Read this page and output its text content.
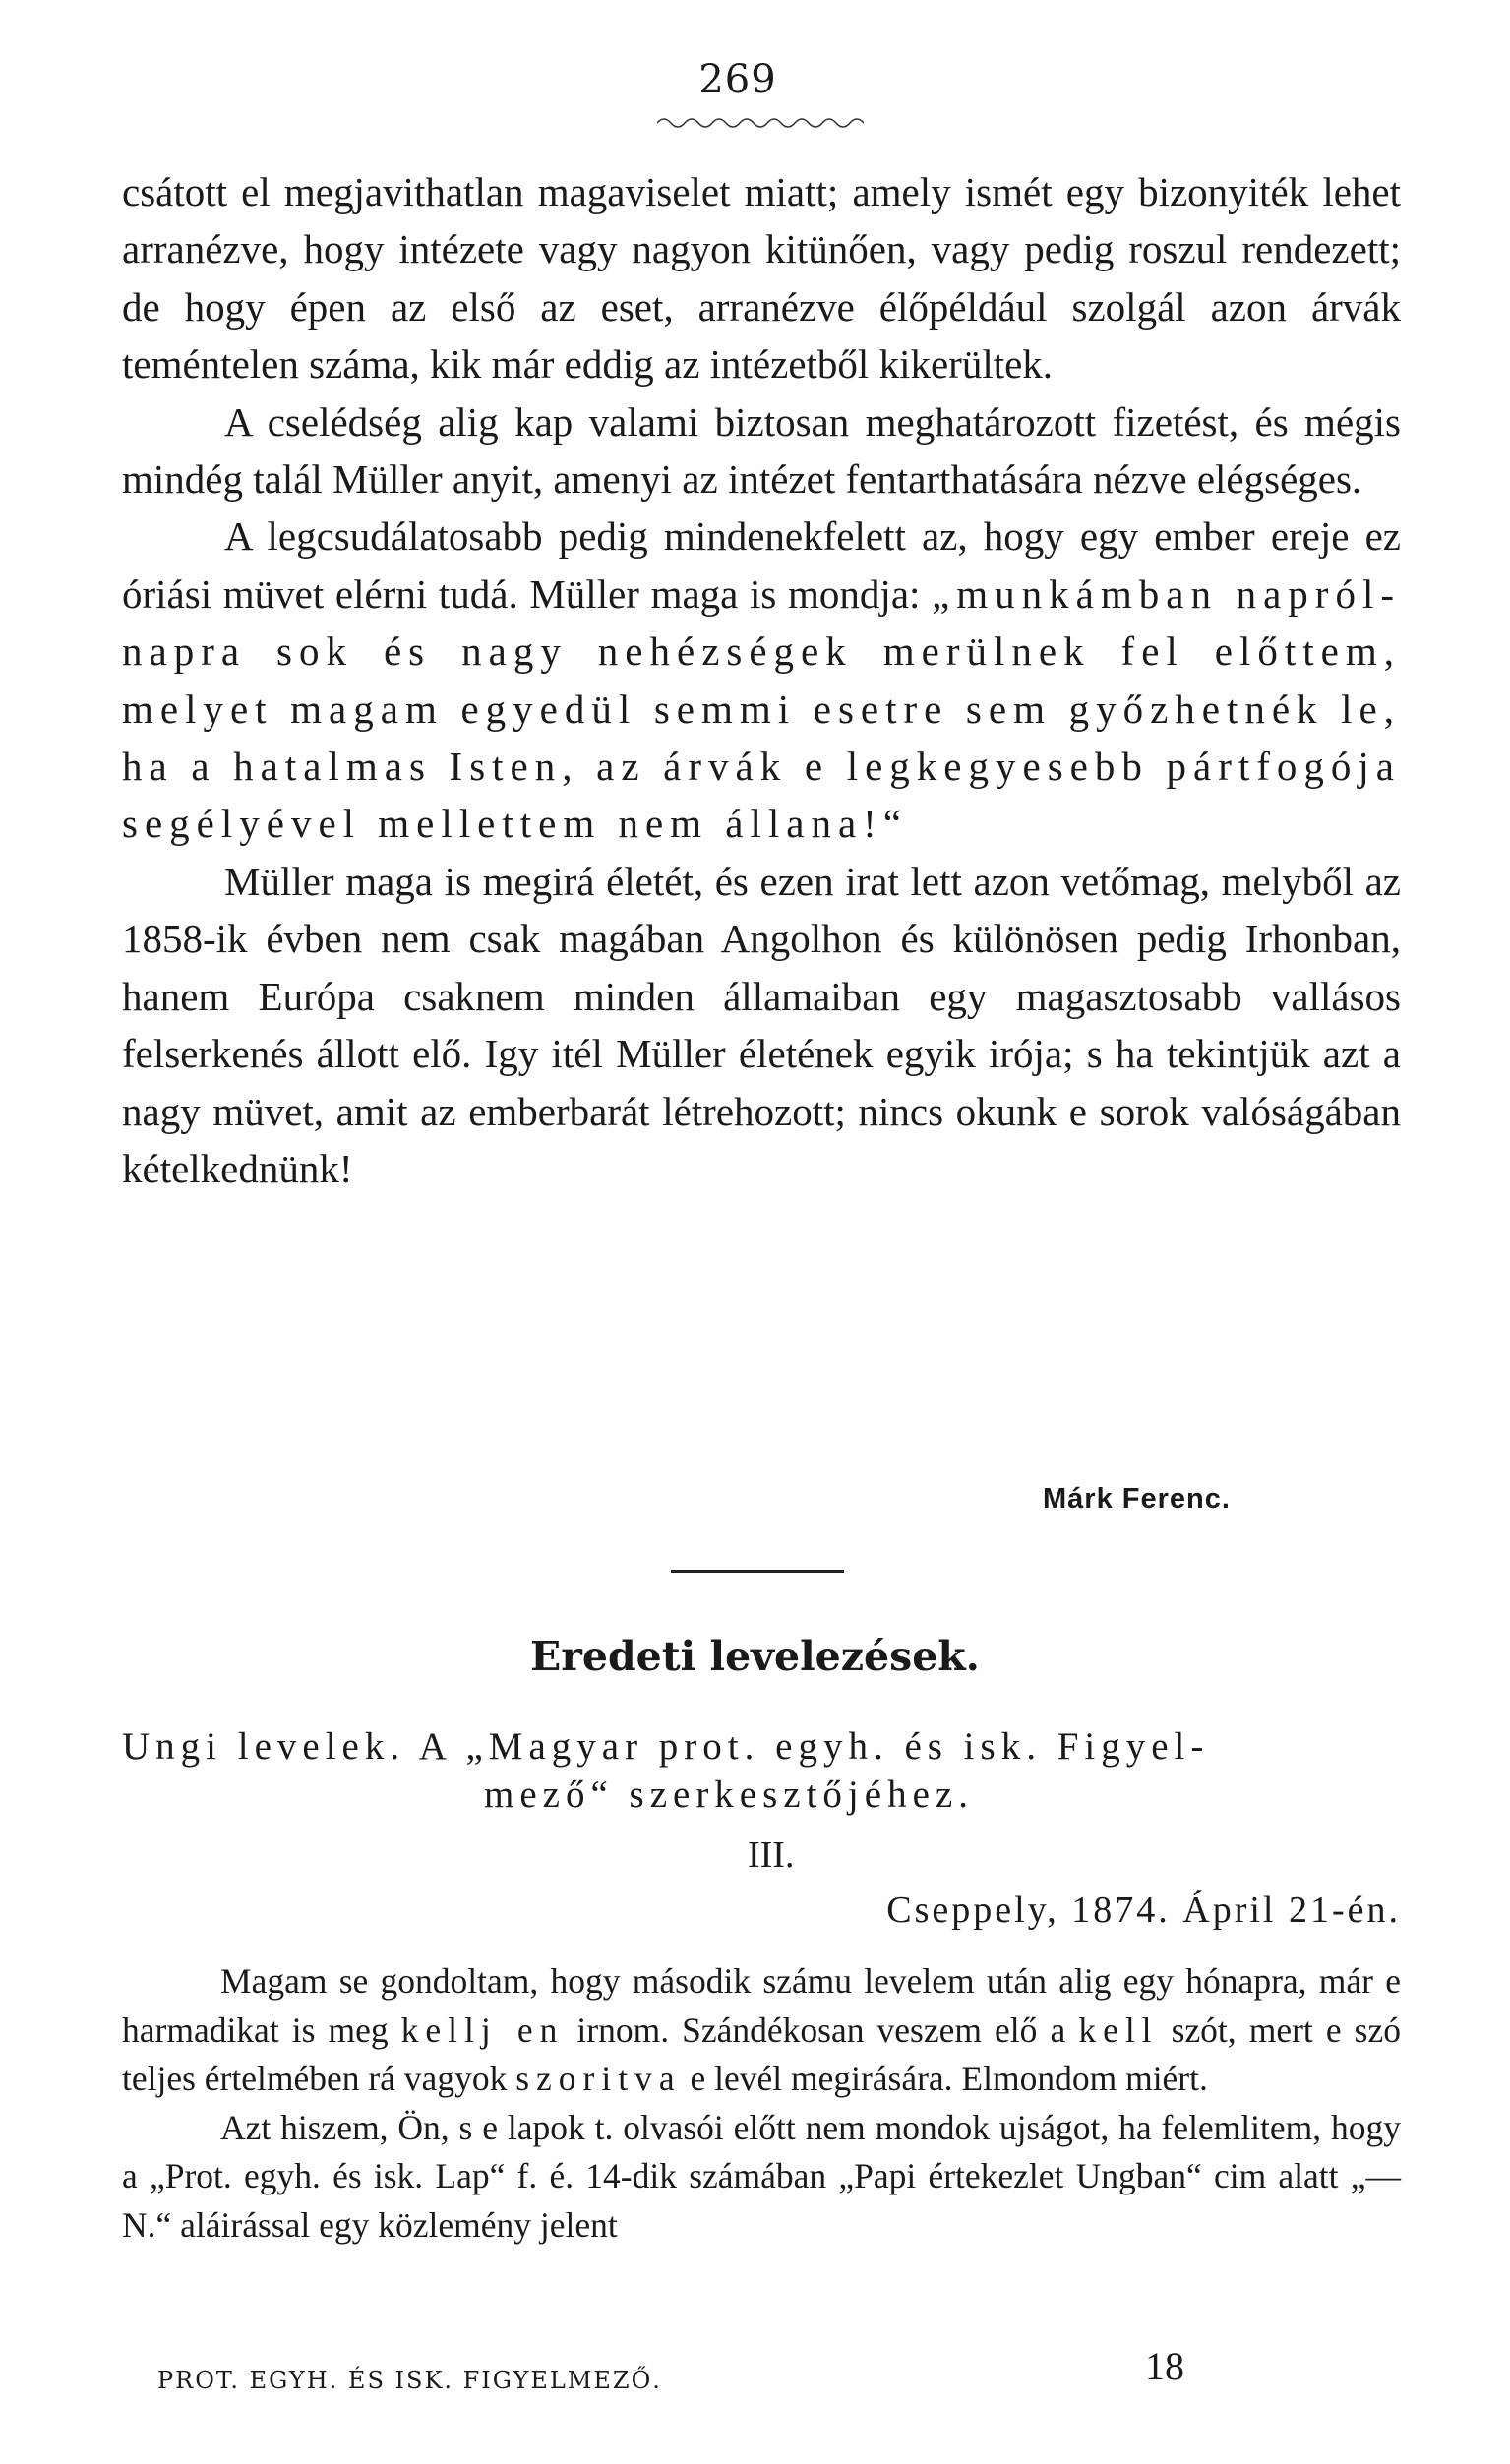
269

csátott el megjavithatlan magaviselet miatt; amely ismét egy bizonyiték lehet arranézve, hogy intézete vagy nagyon kitünően, vagy pedig roszul rendezett; de hogy épen az első az eset, arranézve élőpéldául szolgál azon árvák teméntelen száma, kik már eddig az intézetből kikerültek.

A cselédség alig kap valami biztosan meghatározott fizetést, és mégis mindég talál Müller anyit, amenyi az intézet fentarthatására nézve elégséges.

A legcsudálatosabb pedig mindenekfelett az, hogy egy ember ereje ez óriási müvet elérni tudá. Müller maga is mondja: „munkámban napról-napra sok és nagy nehézségek merülnek fel előttem, melyet magam egyedül semmi esetre sem győzhetnék le, ha a hatalmas Isten, az árvák e legkegyesebb pártfogója segélyével mellettem nem állana!“

Müller maga is megirá életét, és ezen irat lett azon vetőmag, melyből az 1858-ik évben nem csak magában Angolhon és különösen pedig Irhonban, hanem Európa csaknem minden államaiban egy magasztosabb vallásos felserkenés állott elő. Igy itél Müller életének egyik irója; s ha tekintjük azt a nagy müvet, amit az emberbarát létrehozott; nincs okunk e sorok valóságában kételkednünk!

Márk Ferenc.
Eredeti levelezések.
Ungi levelek. A „Magyar prot. egyh. és isk. Figyel-
mező“ szerkesztőjéhez.
III.
Cseppely, 1874. Ápril 21-én.

Magam se gondoltam, hogy második számu levelem után alig egy hónapra, már e harmadikat is meg kellj en irnom. Szándékosan veszem elő a kell szót, mert e szó teljes értelmében rá vagyok szoritva e levél megirására. Elmondom miért.

Azt hiszem, Ön, s e lapok t. olvasói előtt nem mondok ujságot, ha felemlitem, hogy a „Prot. egyh. és isk. Lap“ f. é. 14-dik számában „Papi értekezlet Ungban“ cim alatt „—N.“ aláirással egy közlemény jelent

PROT. EGYH. ÉS ISK. FIGYELMEZŐ.	18
